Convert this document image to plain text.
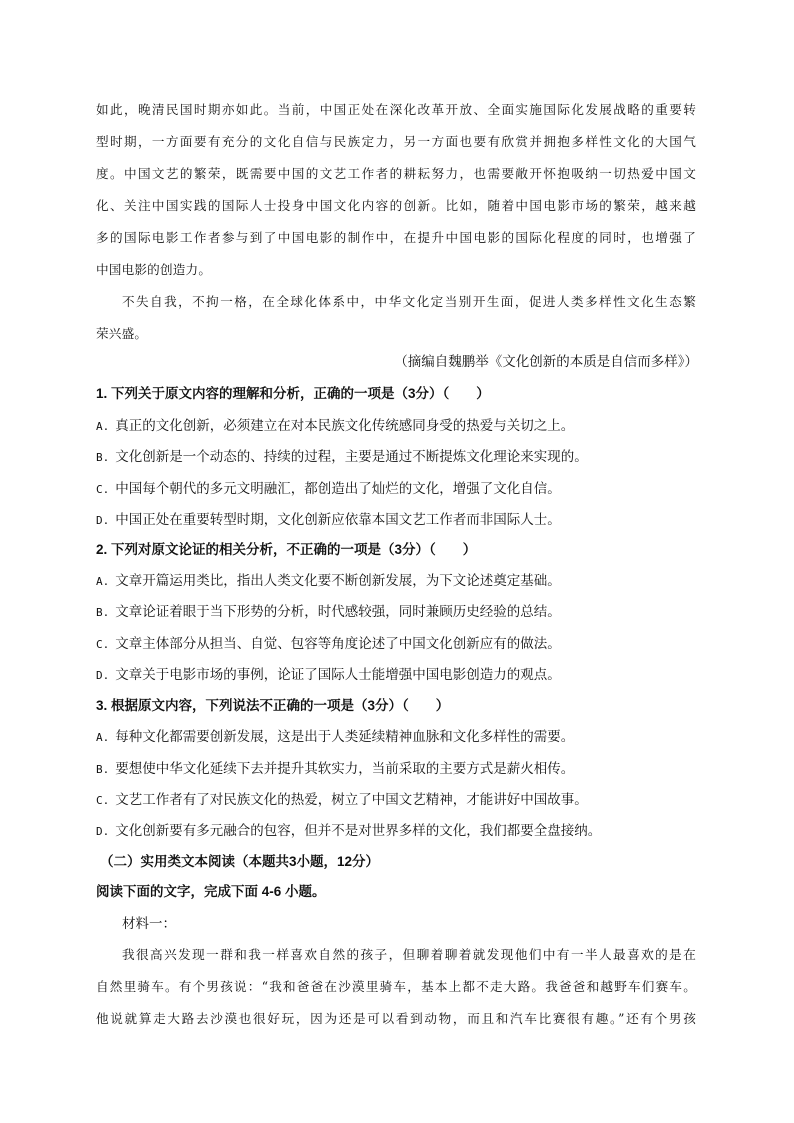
如此，晚清民国时期亦如此。当前，中国正处在深化改革开放、全面实施国际化发展战略的重要转
型时期，一方面要有充分的文化自信与民族定力，另一方面也要有欣赏并拥抱多样性文化的大国气
度。中国文艺的繁荣，既需要中国的文艺工作者的耕耘努力，也需要敞开怀抱吸纳一切热爱中国文
化、关注中国实践的国际人士投身中国文化内容的创新。比如，随着中国电影市场的繁荣，越来越
多的国际电影工作者参与到了中国电影的制作中，在提升中国电影的国际化程度的同时，也增强了
中国电影的创造力。
不失自我，不拘一格，在全球化体系中，中华文化定当别开生面，促进人类多样性文化生态繁
荣兴盛。
（摘编自魏鹏举《文化创新的本质是自信而多样》）
1. 下列关于原文内容的理解和分析，正确的一项是（3分）（　　）
A. 真正的文化创新，必须建立在对本民族文化传统感同身受的热爱与关切之上。
B. 文化创新是一个动态的、持续的过程，主要是通过不断提炼文化理论来实现的。
C. 中国每个朝代的多元文明融汇，都创造出了灿烂的文化，增强了文化自信。
D. 中国正处在重要转型时期，文化创新应依靠本国文艺工作者而非国际人士。
2. 下列对原文论证的相关分析，不正确的一项是（3分）（　　）
A. 文章开篇运用类比，指出人类文化要不断创新发展，为下文论述奠定基础。
B. 文章论证着眼于当下形势的分析，时代感较强，同时兼顾历史经验的总结。
C. 文章主体部分从担当、自觉、包容等角度论述了中国文化创新应有的做法。
D. 文章关于电影市场的事例，论证了国际人士能增强中国电影创造力的观点。
3. 根据原文内容，下列说法不正确的一项是（3分）（　　）
A. 每种文化都需要创新发展，这是出于人类延续精神血脉和文化多样性的需要。
B. 要想使中华文化延续下去并提升其软实力，当前采取的主要方式是薪火相传。
C. 文艺工作者有了对民族文化的热爱，树立了中国文艺精神，才能讲好中国故事。
D. 文化创新要有多元融合的包容，但并不是对世界多样的文化，我们都要全盘接纳。
（二）实用类文本阅读（本题共3小题，12分）
阅读下面的文字，完成下面 4-6 小题。
材料一：
我很高兴发现一群和我一样喜欢自然的孩子，但聊着聊着就发现他们中有一半人最喜欢的是在
自然里骑车。有个男孩说：“我和爸爸在沙漠里骑车，基本上都不走大路。我爸爸和越野车们赛车。
他说就算走大路去沙漠也很好玩，因为还是可以看到动物，而且和汽车比赛很有趣。”还有个男孩
